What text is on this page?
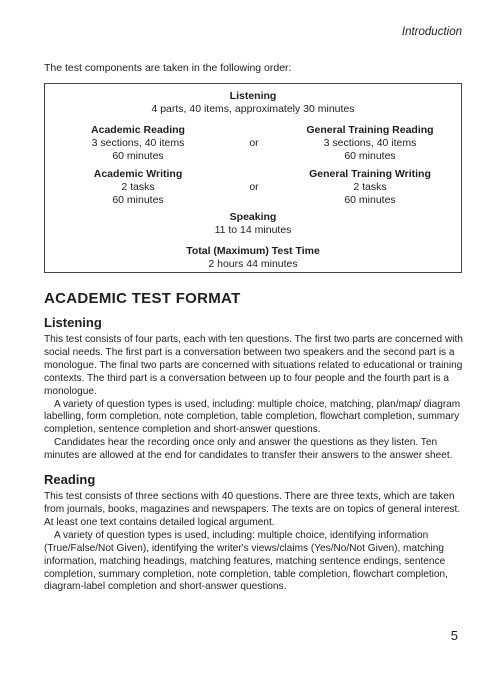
Introduction
The test components are taken in the following order:
Listening
4 parts, 40 items, approximately 30 minutes
Academic Reading
3 sections, 40 items
60 minutes
or
General Training Reading
3 sections, 40 items
60 minutes
Academic Writing
2 tasks
60 minutes
or
General Training Writing
2 tasks
60 minutes
Speaking
11 to 14 minutes
Total (Maximum) Test Time
2 hours 44 minutes
ACADEMIC TEST FORMAT
Listening

This test consists of four parts, each with ten questions. The first two parts are concerned with social needs. The first part is a conversation between two speakers and the second part is a monologue. The final two parts are concerned with situations related to educational or training contexts. The third part is a conversation between up to four people and the fourth part is a monologue.

A variety of question types is used, including: multiple choice, matching, plan/map/ diagram labelling, form completion, note completion, table completion, flowchart completion, summary completion, sentence completion and short-answer questions.

Candidates hear the recording once only and answer the questions as they listen. Ten minutes are allowed at the end for candidates to transfer their answers to the answer sheet.

Reading

This test consists of three sections with 40 questions. There are three texts, which are taken from journals, books, magazines and newspapers. The texts are on topics of general interest. At least one text contains detailed logical argument.

A variety of question types is used, including: multiple choice, identifying information (True/False/Not Given), identifying the writer's views/claims (Yes/No/Not Given), matching information, matching headings, matching features, matching sentence endings, sentence completion, summary completion, note completion, table completion, flowchart completion, diagram-label completion and short-answer questions.

5
